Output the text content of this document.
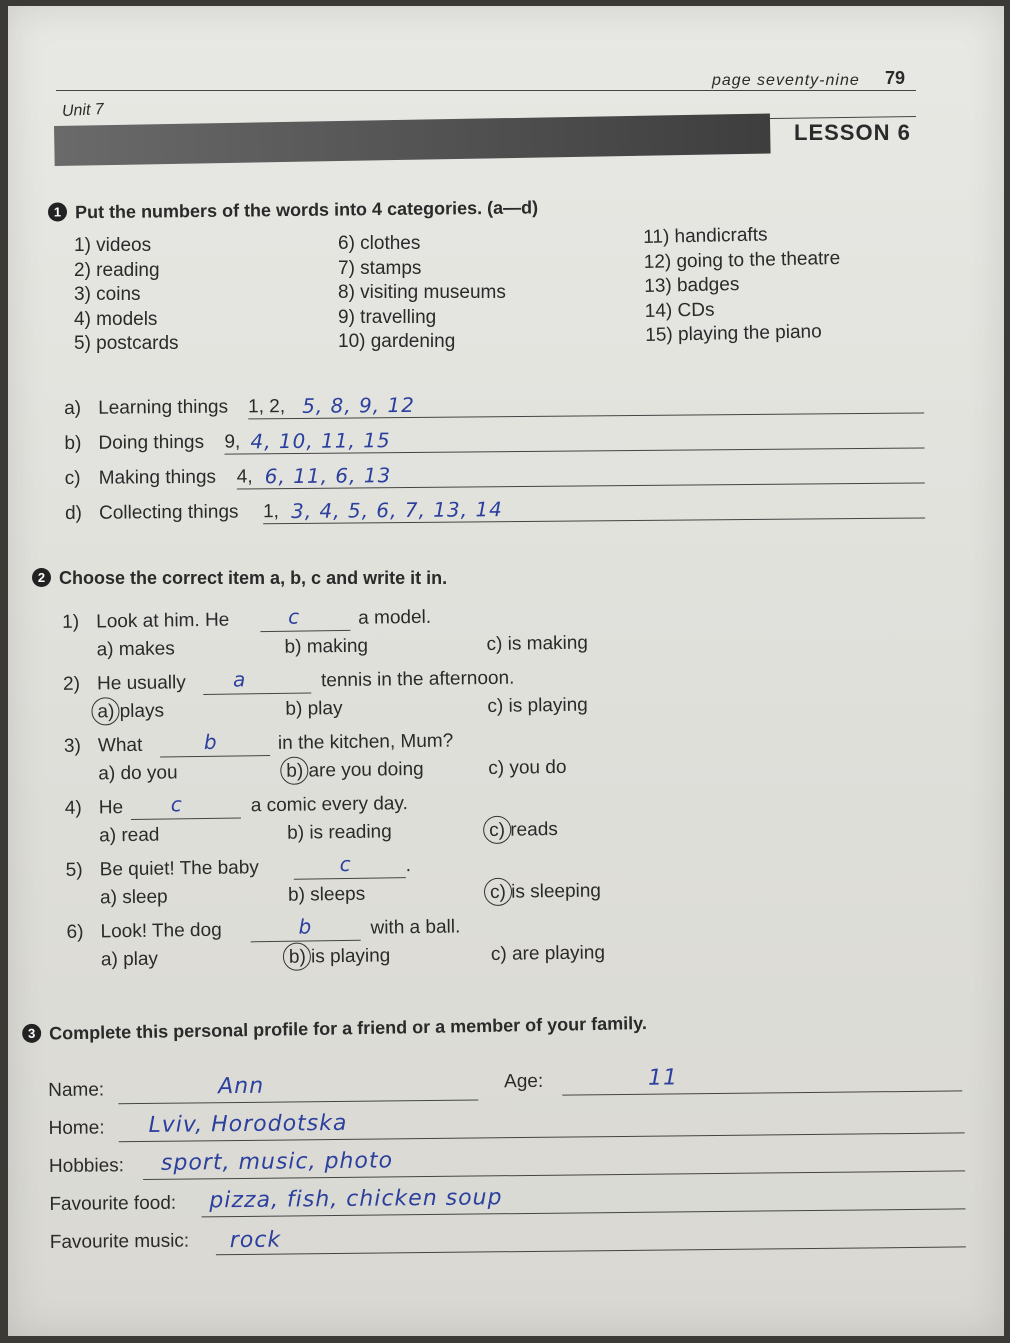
Unit 7
page seventy-nine 79
LESSON 6
1 Put the numbers of the words into 4 categories. (a—d)
1) videos
2) reading
3) coins
4) models
5) postcards
6) clothes
7) stamps
8) visiting museums
9) travelling
10) gardening
11) handicrafts
12) going to the theatre
13) badges
14) CDs
15) playing the piano
a) Learning things 1, 2, 5, 8, 9, 12
b) Doing things 9, 4, 10, 11, 15
c) Making things 4, 6, 11, 6, 13
d) Collecting things 1, 3, 4, 5, 6, 7, 13, 14
2 Choose the correct item a, b, c and write it in.
1) Look at him. He	c	a model.
a) makes	b) making	c) is making
2) He usually a	tennis in the afternoon.
a) plays	b) play	c) is playing
3) What	b	in the kitchen, Mum?
a) do you	b) are you doing	c) you do
4) He c	a comic every day.
a) read	b) is reading	c) reads
5) Be quiet! The baby	c	.
a) sleep	b) sleeps	c) is sleeping
6) Look! The dog	b	with a ball.
a) play	b) is playing	c) are playing
3 Complete this personal profile for a friend or a member of your family.
Name:	Ann	Age:	11
Home: Lviv, Horodotska
Hobbies: sport, music, photo
Favourite food: pizza, fish, chicken soup
Favourite music: rock
